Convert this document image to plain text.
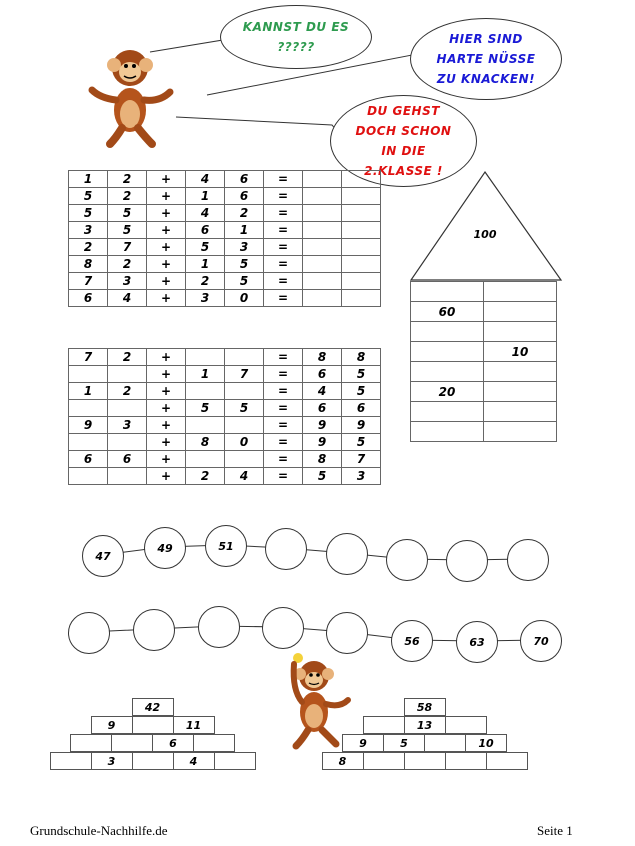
KANNST DU ES ?????
HIER SIND HARTE NÜSSE ZU KNACKEN!
DU GEHST DOCH SCHON IN DIE 2.KLASSE !
1	2	+	4	6	=		
5	2	+	1	6	=		
5	5	+	4	2	=		
3	5	+	6	1	=		
2	7	+	5	3	=		
8	2	+	1	5	=		
7	3	+	2	5	=		
6	4	+	3	0	=		
7	2	+			=	8	8
		+	1	7	=	6	5
1	2	+			=	4	5
		+	5	5	=	6	6
9	3	+			=	9	9
		+	8	0	=	9	5
6	6	+			=	8	7
		+	2	4	=	5	3
100

60	

	10

20	

47
49	51
56	63	70
42
9	11
6
3	4
58
13
9	5	10
8
Grundschule-Nachhilfe.de	Seite 1
